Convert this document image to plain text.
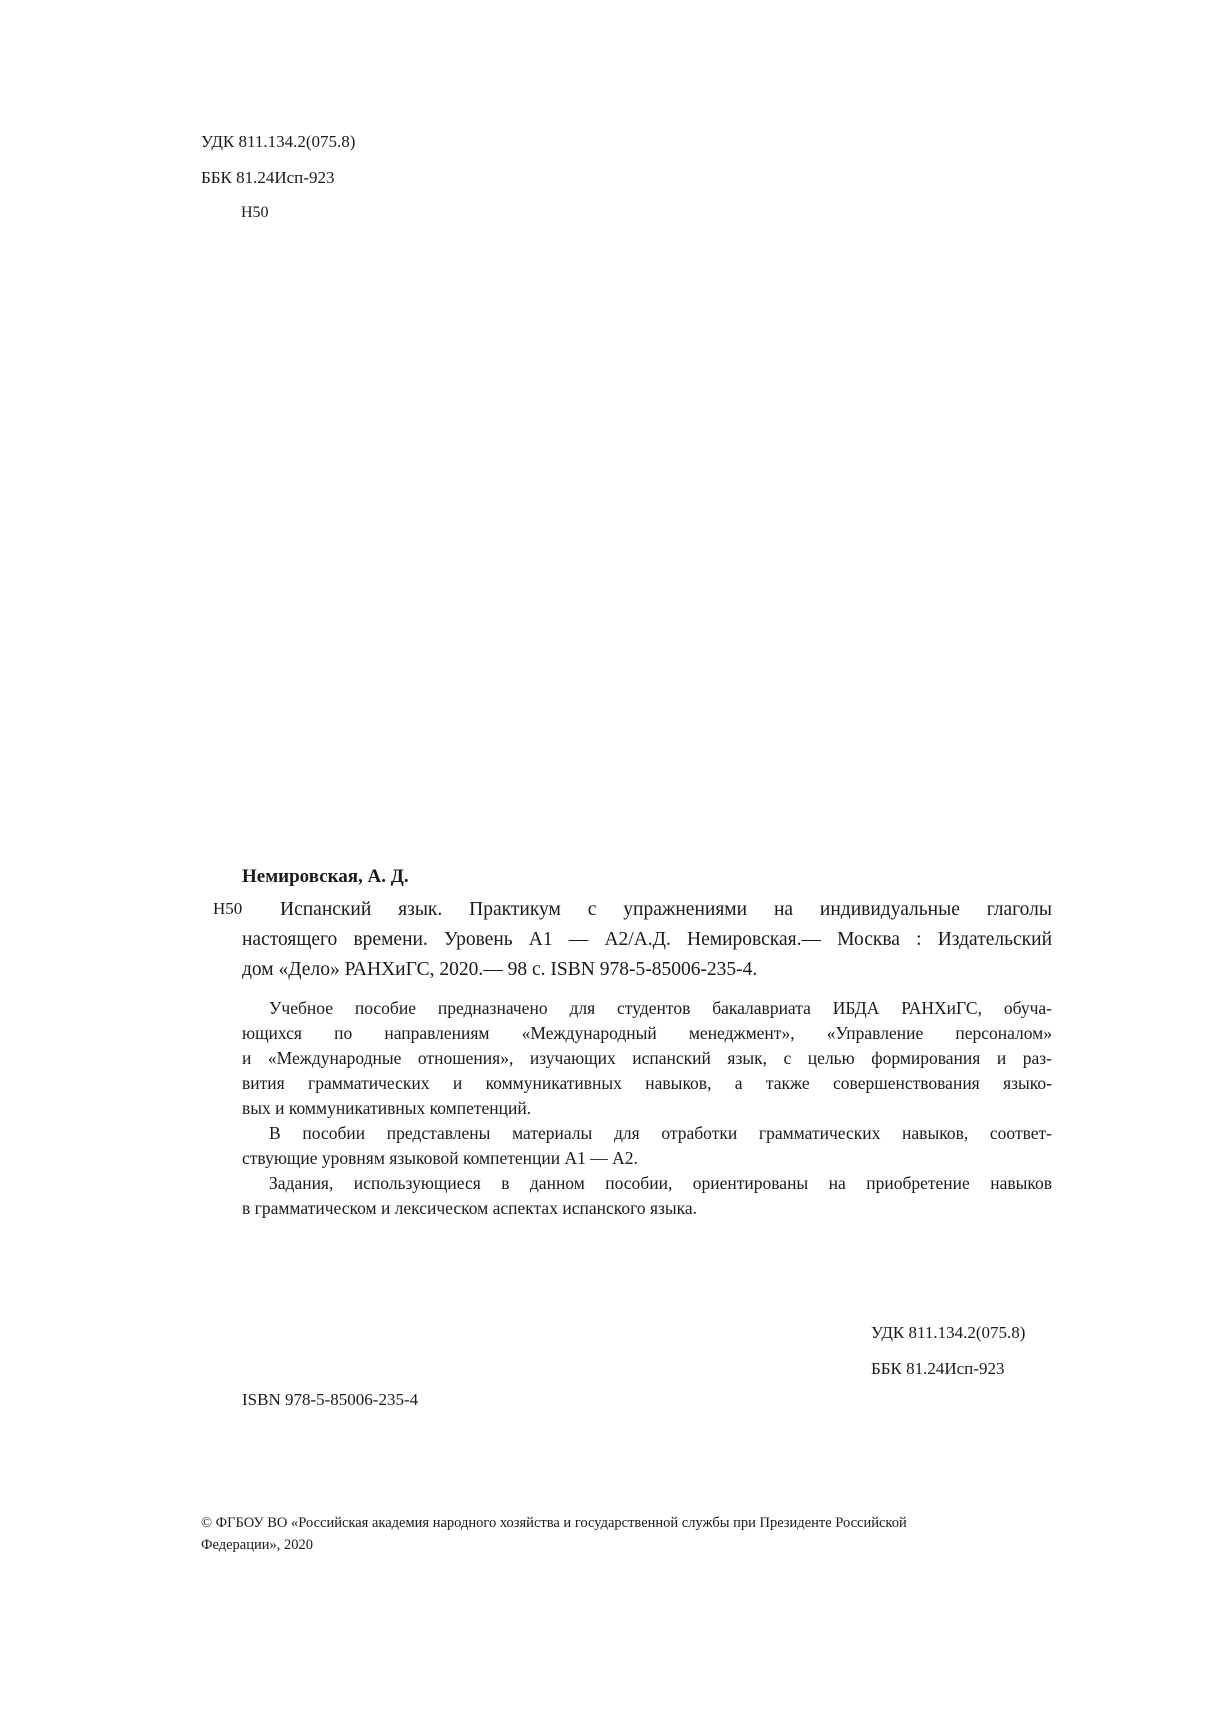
УДК 811.134.2(075.8)
ББК 81.24Исп-923
Н50
Немировская, А. Д.
Н50	Испанский язык. Практикум с упражнениями на индивидуальные глаголы
настоящего времени. Уровень А1 — А2/А.Д. Немировская.— Москва : Издательский
дом «Дело» РАНХиГС, 2020.— 98 с. ISBN 978-5-85006-235-4.
Учебное пособие предназначено для студентов бакалавриата ИБДА РАНХиГС, обуча-
ющихся по направлениям «Международный менеджмент», «Управление персоналом»
и «Международные отношения», изучающих испанский язык, с целью формирования и раз-
вития грамматических и коммуникативных навыков, а также совершенствования языко-
вых и коммуникативных компетенций.
В пособии представлены материалы для отработки грамматических навыков, соответ-
ствующие уровням языковой компетенции А1 — А2.
Задания, использующиеся в данном пособии, ориентированы на приобретение навыков
в грамматическом и лексическом аспектах испанского языка.
УДК 811.134.2(075.8)
ББК 81.24Исп-923
ISBN 978-5-85006-235-4
© ФГБОУ ВО «Российская академия народного хозяйства и государственной службы при Президенте Российской
Федерации», 2020
